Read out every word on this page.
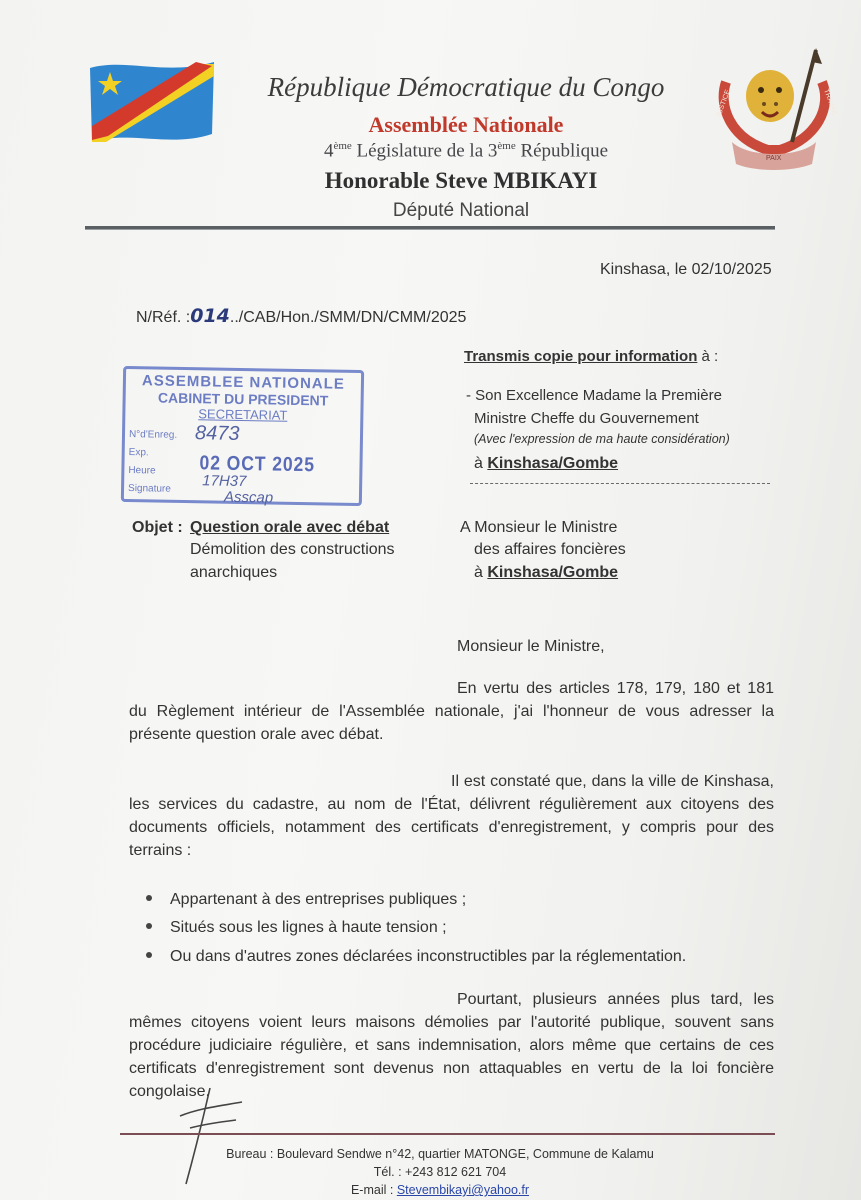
JUSTICE	TRAVAIL
PAIX
République Démocratique du Congo
Assemblée Nationale
4ème Législature de la 3ème République
Honorable Steve MBIKAYI
Député National
Kinshasa, le 02/10/2025
N/Réf. :014../CAB/Hon./SMM/DN/CMM/2025
Transmis copie pour information à :
- Son Excellence Madame la Première
Ministre Cheffe du Gouvernement
(Avec l'expression de ma haute considération)
à Kinshasa/Gombe
ASSEMBLEE NATIONALE
CABINET DU PRESIDENT
SECRETARIAT
N°d'Enreg.
Exp.
Heure
Signature
8473
02 OCT 2025
17H37
Asscap
Objet : Question orale avec débat
Démolition des constructions
anarchiques
A Monsieur le Ministre
des affaires foncières
à Kinshasa/Gombe
Monsieur le Ministre,
En vertu des articles 178, 179, 180 et 181 du Règlement intérieur de l'Assemblée nationale, j'ai l'honneur de vous adresser la présente question orale avec débat.
Il est constaté que, dans la ville de Kinshasa, les services du cadastre, au nom de l'État, délivrent régulièrement aux citoyens des documents officiels, notamment des certificats d'enregistrement, y compris pour des terrains :
Appartenant à des entreprises publiques ;
Situés sous les lignes à haute tension ;
Ou dans d'autres zones déclarées inconstructibles par la réglementation.
Pourtant, plusieurs années plus tard, les mêmes citoyens voient leurs maisons démolies par l'autorité publique, souvent sans procédure judiciaire régulière, et sans indemnisation, alors même que certains de ces certificats d'enregistrement sont devenus non attaquables en vertu de la loi foncière congolaise.
Bureau : Boulevard Sendwe n°42, quartier MATONGE, Commune de Kalamu
Tél. : +243 812 621 704
E-mail : Stevembikayi@yahoo.fr
